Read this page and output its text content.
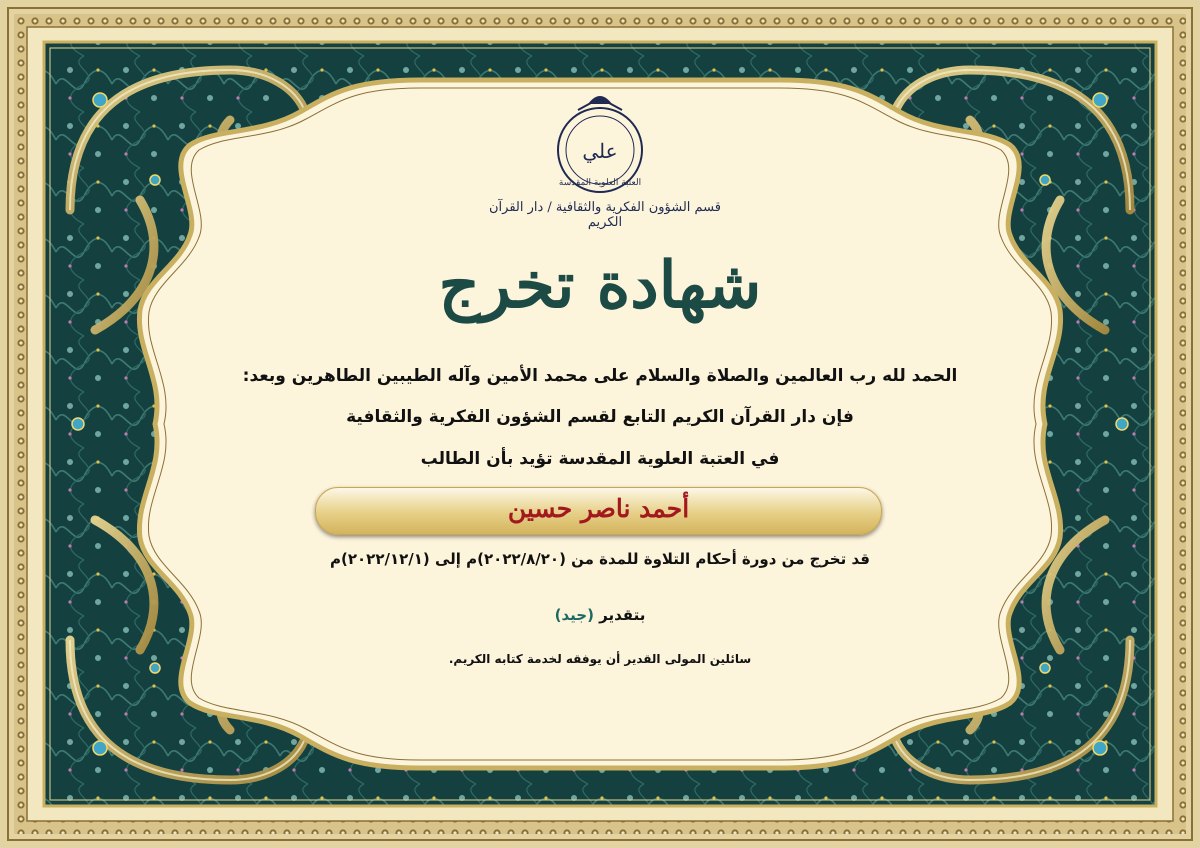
علي
العتبة العلوية المقدسة
قسم الشؤون الفكرية والثقافية / دار القرآن الكريم
شهادة تخرج
الحمد لله رب العالمين والصلاة والسلام على محمد الأمين وآله الطيبين الطاهرين وبعد:
فإن دار القرآن الكريم التابع لقسم الشؤون الفكرية والثقافية
في العتبة العلوية المقدسة تؤيد بأن الطالب
أحمد ناصر حسين
قد تخرج من دورة أحكام التلاوة للمدة من (٢٠٢٢/٨/٢٠)م إلى (٢٠٢٢/١٢/١)م
بتقدير (جيد)
سائلين المولى القدير أن يوفقه لخدمة كتابه الكريم.
